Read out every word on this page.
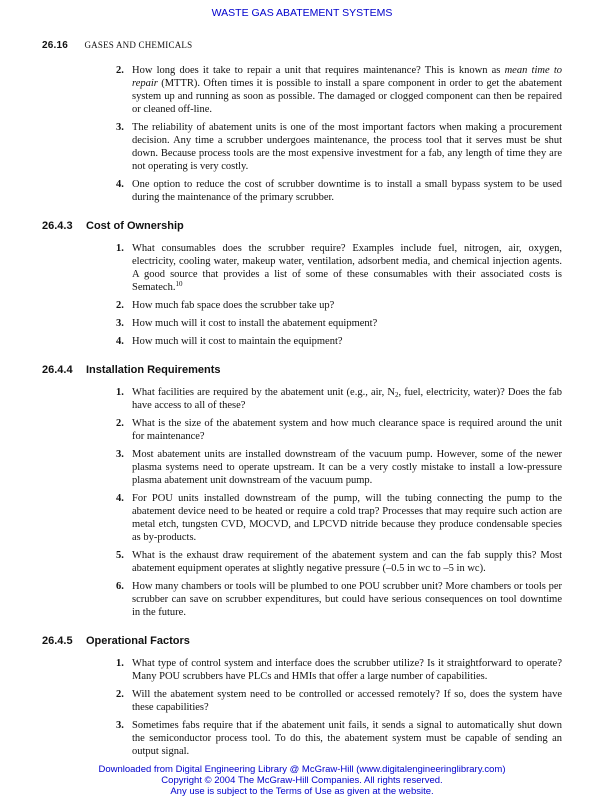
WASTE GAS ABATEMENT SYSTEMS
26.16 GASES AND CHEMICALS
2. How long does it take to repair a unit that requires maintenance? This is known as mean time to repair (MTTR). Often times it is possible to install a spare component in order to get the abatement system up and running as soon as possible. The damaged or clogged component can then be repaired or cleaned off-line.
3. The reliability of abatement units is one of the most important factors when making a procurement decision. Any time a scrubber undergoes maintenance, the process tool that it serves must be shut down. Because process tools are the most expensive investment for a fab, any length of time they are not operating is very costly.
4. One option to reduce the cost of scrubber downtime is to install a small bypass system to be used during the maintenance of the primary scrubber.
26.4.3 Cost of Ownership
1. What consumables does the scrubber require? Examples include fuel, nitrogen, air, oxygen, electricity, cooling water, makeup water, ventilation, adsorbent media, and chemical injection agents. A good source that provides a list of some of these consumables with their associated costs is Sematech.$^{10}$
2. How much fab space does the scrubber take up?
3. How much will it cost to install the abatement equipment?
4. How much will it cost to maintain the equipment?
26.4.4 Installation Requirements
1. What facilities are required by the abatement unit (e.g., air, $N_2$, fuel, electricity, water)? Does the fab have access to all of these?
2. What is the size of the abatement system and how much clearance space is required around the unit for maintenance?
3. Most abatement units are installed downstream of the vacuum pump. However, some of the newer plasma systems need to operate upstream. It can be a very costly mistake to install a low-pressure plasma abatement unit downstream of the vacuum pump.
4. For POU units installed downstream of the pump, will the tubing connecting the pump to the abatement device need to be heated or require a cold trap? Processes that may require such action are metal etch, tungsten CVD, MOCVD, and LPCVD nitride because they produce condensable species as by-products.
5. What is the exhaust draw requirement of the abatement system and can the fab supply this? Most abatement equipment operates at slightly negative pressure (–0.5 in wc to –5 in wc).
6. How many chambers or tools will be plumbed to one POU scrubber unit? More chambers or tools per scrubber can save on scrubber expenditures, but could have serious consequences on tool downtime in the future.
26.4.5 Operational Factors
1. What type of control system and interface does the scrubber utilize? Is it straightforward to operate? Many POU scrubbers have PLCs and HMIs that offer a large number of capabilities.
2. Will the abatement system need to be controlled or accessed remotely? If so, does the system have these capabilities?
3. Sometimes fabs require that if the abatement unit fails, it sends a signal to automatically shut down the semiconductor process tool. To do this, the abatement system must be capable of sending an output signal.
Downloaded from Digital Engineering Library @ McGraw-Hill (www.digitalengineeringlibrary.com)
Copyright © 2004 The McGraw-Hill Companies. All rights reserved.
Any use is subject to the Terms of Use as given at the website.
